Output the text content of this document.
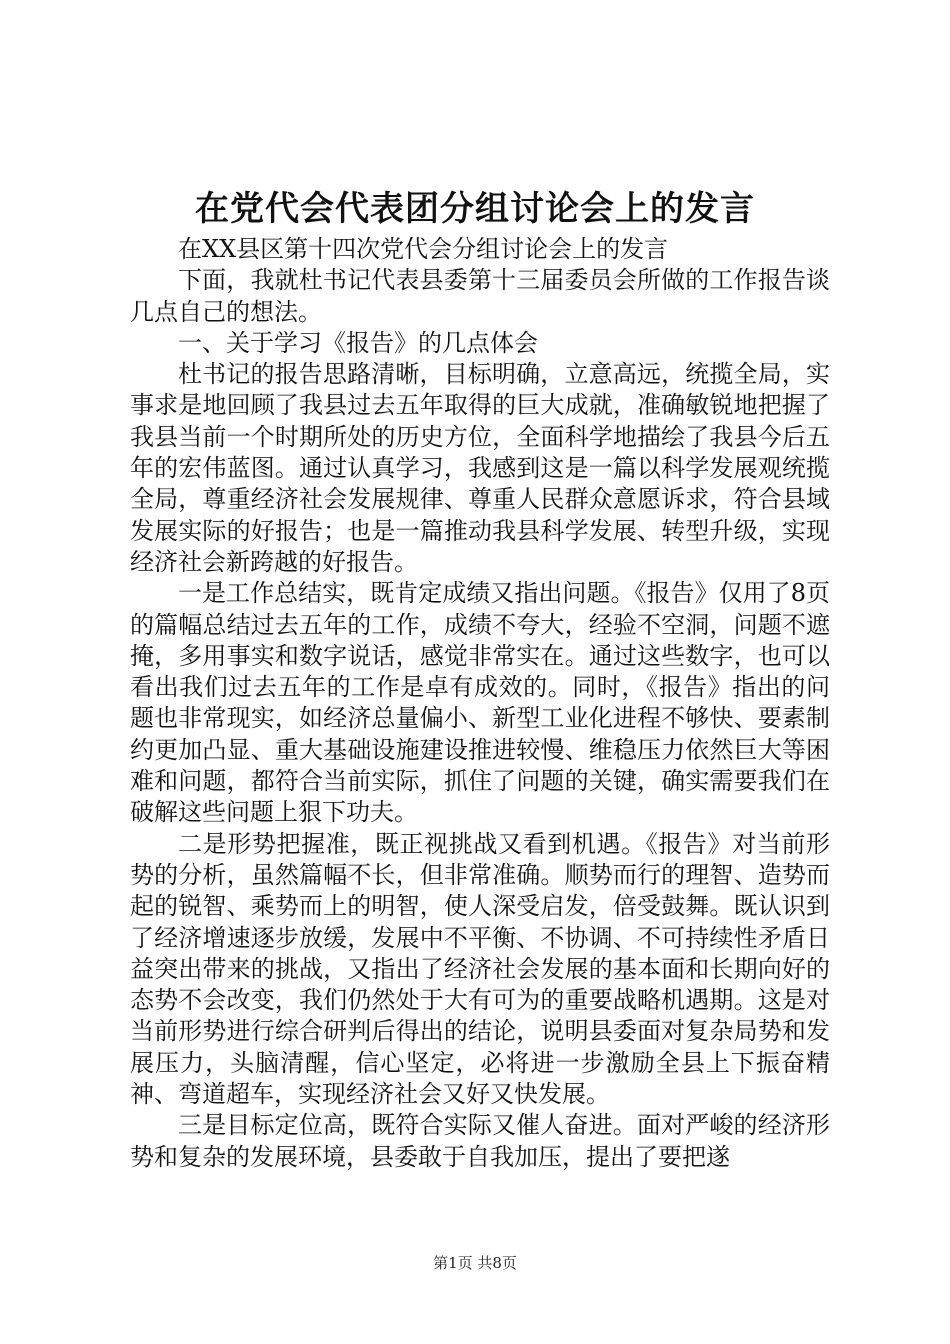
在党代会代表团分组讨论会上的发言

在XX县区第十四次党代会分组讨论会上的发言

下面，我就杜书记代表县委第十三届委员会所做的工作报告谈几点自己的想法。

一、关于学习《报告》的几点体会

杜书记的报告思路清晰，目标明确，立意高远，统揽全局，实事求是地回顾了我县过去五年取得的巨大成就，准确敏锐地把握了我县当前一个时期所处的历史方位，全面科学地描绘了我县今后五年的宏伟蓝图。通过认真学习，我感到这是一篇以科学发展观统揽全局，尊重经济社会发展规律、尊重人民群众意愿诉求，符合县域发展实际的好报告；也是一篇推动我县科学发展、转型升级，实现经济社会新跨越的好报告。

一是工作总结实，既肯定成绩又指出问题。《报告》仅用了8页的篇幅总结过去五年的工作，成绩不夸大，经验不空洞，问题不遮掩，多用事实和数字说话，感觉非常实在。通过这些数字，也可以看出我们过去五年的工作是卓有成效的。同时，《报告》指出的问题也非常现实，如经济总量偏小、新型工业化进程不够快、要素制约更加凸显、重大基础设施建设推进较慢、维稳压力依然巨大等困难和问题，都符合当前实际，抓住了问题的关键，确实需要我们在破解这些问题上狠下功夫。

二是形势把握准，既正视挑战又看到机遇。《报告》对当前形势的分析，虽然篇幅不长，但非常准确。顺势而行的理智、造势而起的锐智、乘势而上的明智，使人深受启发，倍受鼓舞。既认识到了经济增速逐步放缓，发展中不平衡、不协调、不可持续性矛盾日益突出带来的挑战，又指出了经济社会发展的基本面和长期向好的态势不会改变，我们仍然处于大有可为的重要战略机遇期。这是对当前形势进行综合研判后得出的结论，说明县委面对复杂局势和发展压力，头脑清醒，信心坚定，必将进一步激励全县上下振奋精神、弯道超车，实现经济社会又好又快发展。

三是目标定位高，既符合实际又催人奋进。面对严峻的经济形势和复杂的发展环境，县委敢于自我加压，提出了要把遂

第1页 共8页
